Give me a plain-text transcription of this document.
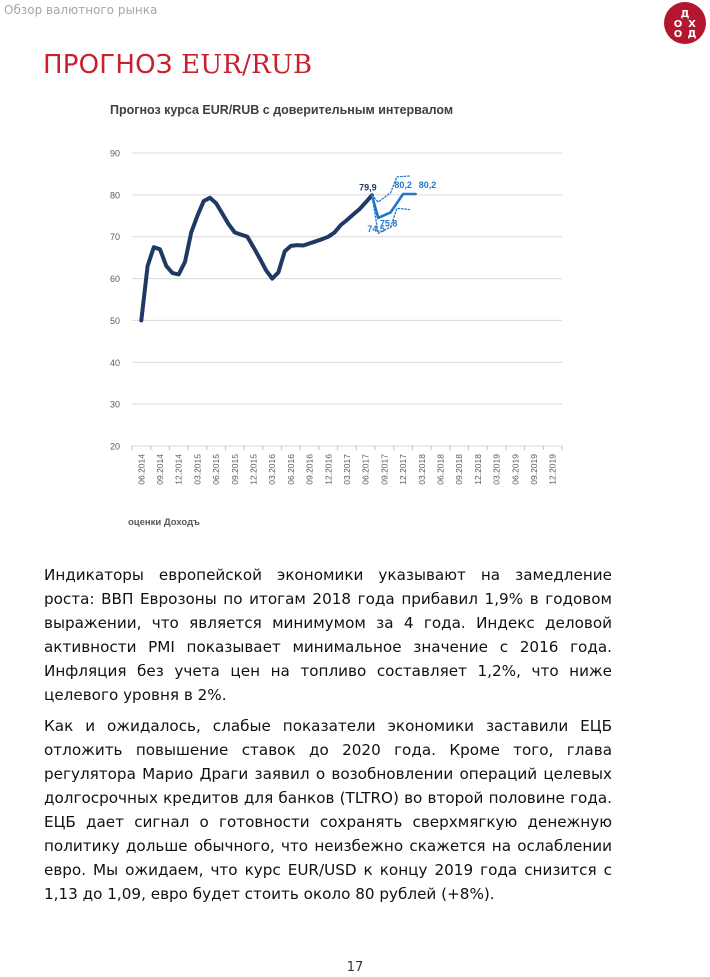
Обзор валютного рынка	Д
О Х
О Д
ПРОГНОЗ EUR/RUB
Прогноз курса EUR/RUB с доверительным интервалом
20
30
40
50
60
70
80
90
06.2014 09.2014 12.2014 03.2015 06.2015 09.2015 12.2015 03.2016 06.2016 09.2016 12.2016 03.2017 06.2017 09.2017 12.2017 03.2018 06.2018 09.2018 12.2018 03.2019 06.2019 09.2019 12.2019
79,9
74,5
75,8
80,2 80,2
оценки Доходъ
Индикаторы европейской экономики указывают на замедление роста: ВВП Еврозоны по итогам 2018 года прибавил 1,9% в годовом выражении, что является минимумом за 4 года. Индекс деловой активности PMI показывает минимальное значение с 2016 года. Инфляция без учета цен на топливо составляет 1,2%, что ниже целевого уровня в 2%.
Как и ожидалось, слабые показатели экономики заставили ЕЦБ отложить повышение ставок до 2020 года. Кроме того, глава регулятора Марио Драги заявил о возобновлении операций целевых долгосрочных кредитов для банков (TLTRO) во второй половине года. ЕЦБ дает сигнал о готовности сохранять сверхмягкую денежную политику дольше обычного, что неизбежно скажется на ослаблении евро. Мы ожидаем, что курс EUR/USD к концу 2019 года снизится с 1,13 до 1,09, евро будет стоить около 80 рублей (+8%).
17
